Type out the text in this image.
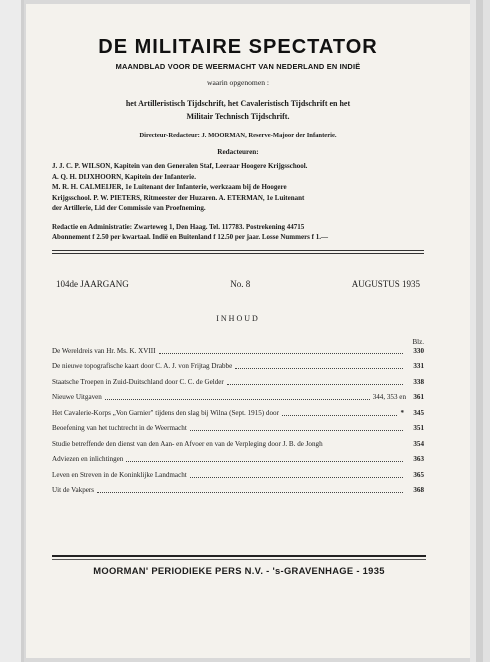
DE MILITAIRE SPECTATOR
MAANDBLAD VOOR DE WEERMACHT VAN NEDERLAND EN INDIË
waarin opgenomen :
het Artilleristisch Tijdschrift, het Cavaleristisch Tijdschrift en het
Militair Technisch Tijdschrift.
Directeur-Redacteur: J. MOORMAN, Reserve-Majoor der Infanterie.
Redacteuren:
J. J. C. P. WILSON, Kapitein van den Generalen Staf, Leeraar Hoogere Krijgsschool.
A. Q. H. DIJXHOORN, Kapitein der Infanterie.
M. R. H. CALMEIJER, 1e Luitenant der Infanterie, werkzaam bij de Hoogere
Krijgsschool. P. W. PIETERS, Ritmeester der Huzaren. A. ETERMAN, 1e Luitenant
der Artillerie, Lid der Commissie van Proefneming.
Redactie en Administratie: Zwarteweg 1, Den Haag. Tel. 117783. Postrekening 44715
Abonnement f 2.50 per kwartaal. Indië en Buitenland f 12.50 per jaar. Losse Nummers f 1.—
104de JAARGANG	No. 8	AUGUSTUS 1935
INHOUD
Blz.
De Wereldreis van Hr. Ms. K. XVIII	330
De nieuwe topografische kaart door C. A. J. von Frijtag Drabbe	331
Staatsche Troepen in Zuid-Duitschland door C. C. de Gelder	338
Nieuwe Uitgaven	344, 353 en	361
Het Cavalerie-Korps „Von Garnier" tijdens den slag bij Wilna (Sept. 1915) door	*	345
Beoefening van het tuchtrecht in de Weermacht	351
Studie betreffende den dienst van den Aan- en Afvoer en van de Verpleging door J. B. de Jongh	354
Adviezen en inlichtingen	363
Leven en Streven in de Koninklijke Landmacht	365
Uit de Vakpers	368
MOORMAN' PERIODIEKE PERS N.V. - 's-GRAVENHAGE - 1935
